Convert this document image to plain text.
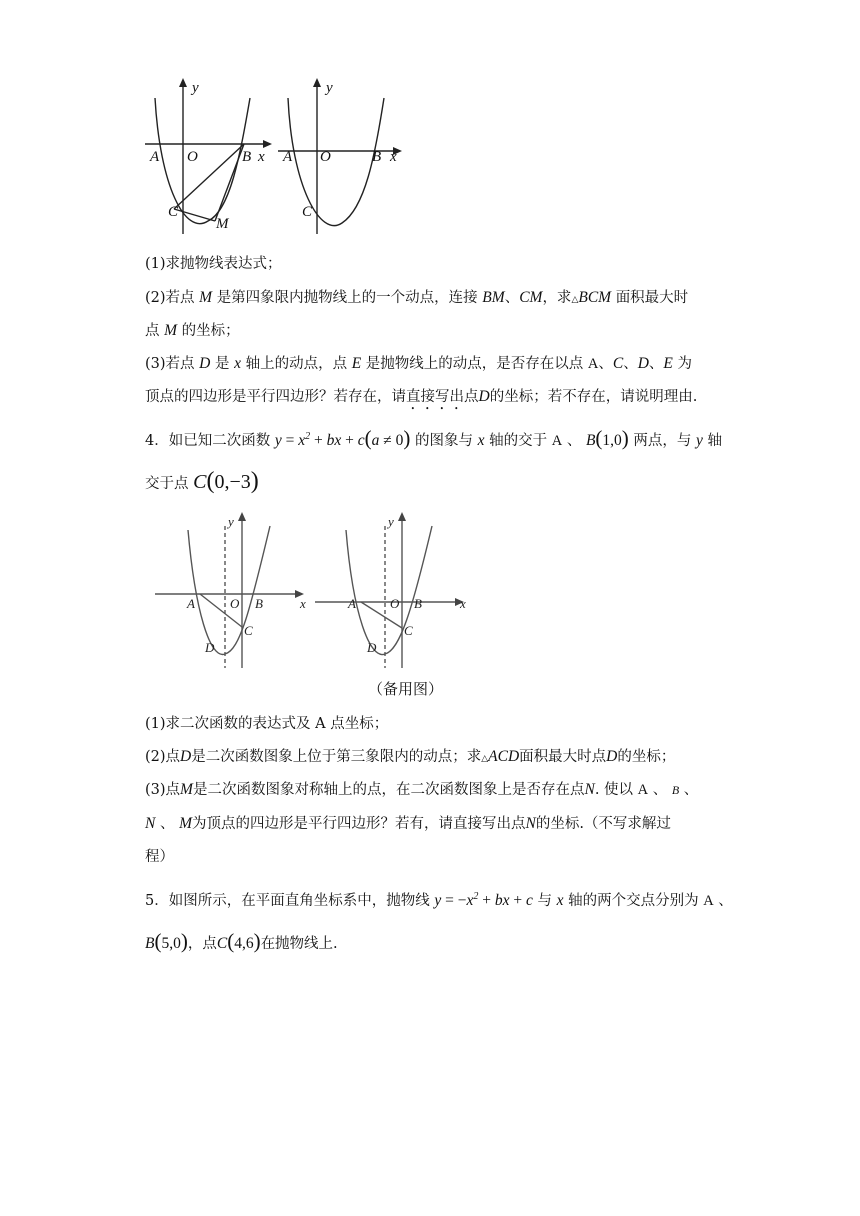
y
A O	B x
C
M
y
A O	B x
C
(1)求抛物线表达式；
(2)若点 M 是第四象限内抛物线上的一个动点，连接 BM、CM，求△BCM 面积最大时
点 M 的坐标；
(3)若点 D 是 x 轴上的动点，点 E 是抛物线上的动点，是否存在以点 A、C、D、E 为
顶点的四边形是平行四边形？若存在，请直接写出点D的坐标；若不存在，请说明理由.
4．如已知二次函数 $y = x^2$ + bx + c(a ≠ 0) 的图象与 x 轴的交于 A 、 B(1,0) 两点，与 y 轴
交于点 C(0,−3)
y
A	O B	x
C
D
y
A	O B	x
C
D
（备用图）
(1)求二次函数的表达式及 A 点坐标；
(2)点D是二次函数图象上位于第三象限内的动点；求△ACD面积最大时点D的坐标；
(3)点M是二次函数图象对称轴上的点，在二次函数图象上是否存在点N. 使以 A 、 B 、
N 、 M为顶点的四边形是平行四边形？若有，请直接写出点N的坐标.（不写求解过
程）
5．如图所示，在平面直角坐标系中，抛物线 $y = -x^2$ + bx + c 与 x 轴的两个交点分别为 A 、
B(5,0)，点C(4,6)在抛物线上.
